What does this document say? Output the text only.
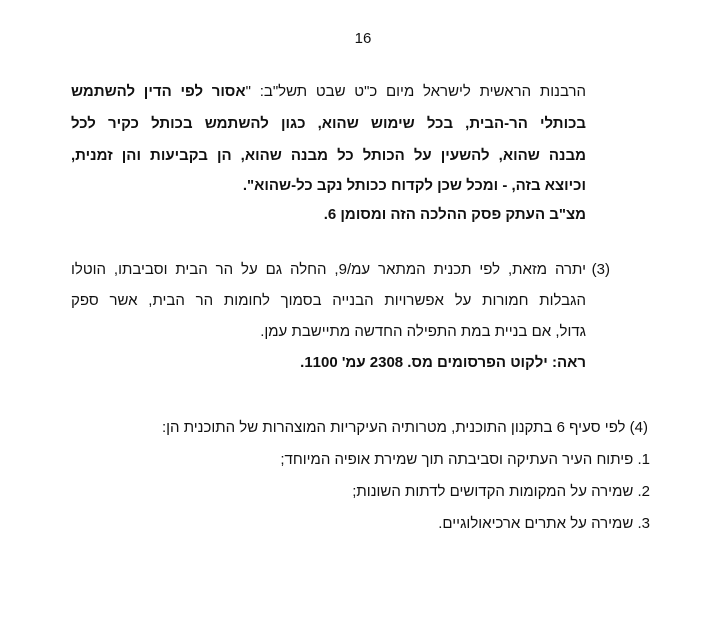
16
הרבנות הראשית לישראל מיום כ"ט שבט תשל"ב: "אסור לפי הדין להשתמש
בכותלי הר-הבית, בכל שימוש שהוא, כגון להשתמש בכותל כקיר לכל
מבנה שהוא, להשעין על הכותל כל מבנה שהוא, הן בקביעות והן זמנית,
וכיוצא בזה, - ומכל שכן לקדוח ככותל נקב כל-שהוא".
מצ"ב העתק פסק ההלכה הזה ומסומן 6.
(3)
יתרה מזאת, לפי תכנית המתאר עמ/9, החלה גם על הר הבית וסביבתו, הוטלו
הגבלות חמורות על אפשרויות הבנייה בסמוך לחומות הר הבית, אשר ספק
גדול, אם בניית במת התפילה החדשה מתיישבת עמן.
ראה: ילקוט הפרסומים מס. 2308 עמ' 1100.
(4) לפי סעיף 6 בתקנון התוכנית, מטרותיה העיקריות המוצהרות של התוכנית הן:
1. פיתוח העיר העתיקה וסביבתה תוך שמירת אופיה המיוחד;
2. שמירה על המקומות הקדושים לדתות השונות;
3. שמירה על אתרים ארכיאולוגיים.
